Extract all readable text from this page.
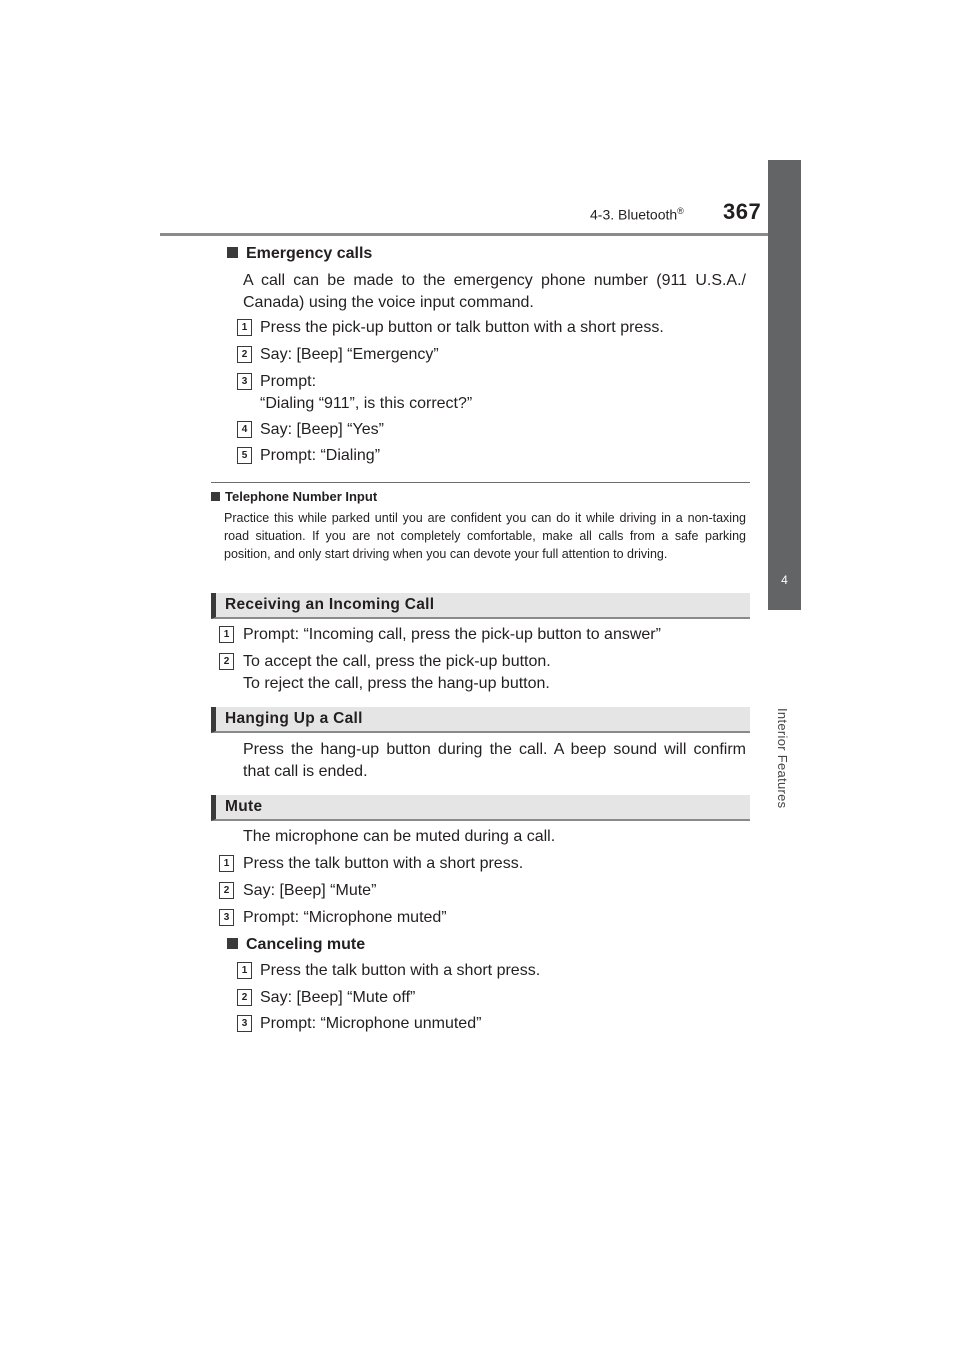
4-3. Bluetooth® 367
4
Interior Features
Emergency calls
A call can be made to the emergency phone number (911 U.S.A./
Canada) using the voice input command.
1 Press the pick-up button or talk button with a short press.
2 Say: [Beep] “Emergency”
3 Prompt:
“Dialing “911”, is this correct?”
4 Say: [Beep] “Yes”
5 Prompt: “Dialing”
Telephone Number Input
Practice this while parked until you are confident you can do it while driving in a non-taxing road situation. If you are not completely comfortable, make all calls from a safe parking position, and only start driving when you can devote your full attention to driving.
Receiving an Incoming Call
1 Prompt: “Incoming call, press the pick-up button to answer”
2 To accept the call, press the pick-up button.
To reject the call, press the hang-up button.
Hanging Up a Call
Press the hang-up button during the call. A beep sound will confirm
that call is ended.
Mute
The microphone can be muted during a call.
1 Press the talk button with a short press.
2 Say: [Beep] “Mute”
3 Prompt: “Microphone muted”
Canceling mute
1 Press the talk button with a short press.
2 Say: [Beep] “Mute off”
3 Prompt: “Microphone unmuted”
